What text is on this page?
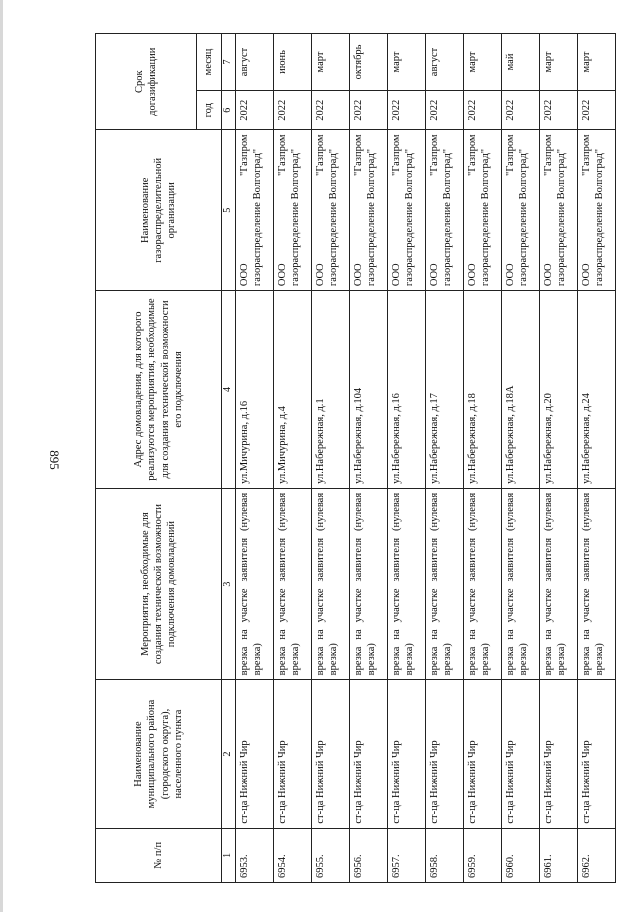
895
№ п/п	Наименование муниципального района (городского округа), населенного пункта	Мероприятия, необходимые для создания технической возможности подключения домовладений	Адрес домовладения, для которого реализуются мероприятия, необходимые для создания технической возможности его подключения	Наименование газораспределительной организации	Срок догазификации	
					год	месяц
1	2	3	4	5	6	7
6953.	ст-ца Нижний Чир	врезка на участке заявителя (нулевая врезка)	ул.Мичурина, д.16	ООО "Газпром газораспределение Волгоград"	2022	август
6954.	ст-ца Нижний Чир	врезка на участке заявителя (нулевая врезка)	ул.Мичурина, д.4	ООО "Газпром газораспределение Волгоград"	2022	июнь
6955.	ст-ца Нижний Чир	врезка на участке заявителя (нулевая врезка)	ул.Набережная, д.1	ООО "Газпром газораспределение Волгоград"	2022	март
6956.	ст-ца Нижний Чир	врезка на участке заявителя (нулевая врезка)	ул.Набережная, д.104	ООО "Газпром газораспределение Волгоград"	2022	октябрь
6957.	ст-ца Нижний Чир	врезка на участке заявителя (нулевая врезка)	ул.Набережная, д.16	ООО "Газпром газораспределение Волгоград"	2022	март
6958.	ст-ца Нижний Чир	врезка на участке заявителя (нулевая врезка)	ул.Набережная, д.17	ООО "Газпром газораспределение Волгоград"	2022	август
6959.	ст-ца Нижний Чир	врезка на участке заявителя (нулевая врезка)	ул.Набережная, д.18	ООО "Газпром газораспределение Волгоград"	2022	март
6960.	ст-ца Нижний Чир	врезка на участке заявителя (нулевая врезка)	ул.Набережная, д.18А	ООО "Газпром газораспределение Волгоград"	2022	май
6961.	ст-ца Нижний Чир	врезка на участке заявителя (нулевая врезка)	ул.Набережная, д.20	ООО "Газпром газораспределение Волгоград"	2022	март
6962.	ст-ца Нижний Чир	врезка на участке заявителя (нулевая врезка)	ул.Набережная, д.24	ООО "Газпром газораспределение Волгоград"	2022	март
